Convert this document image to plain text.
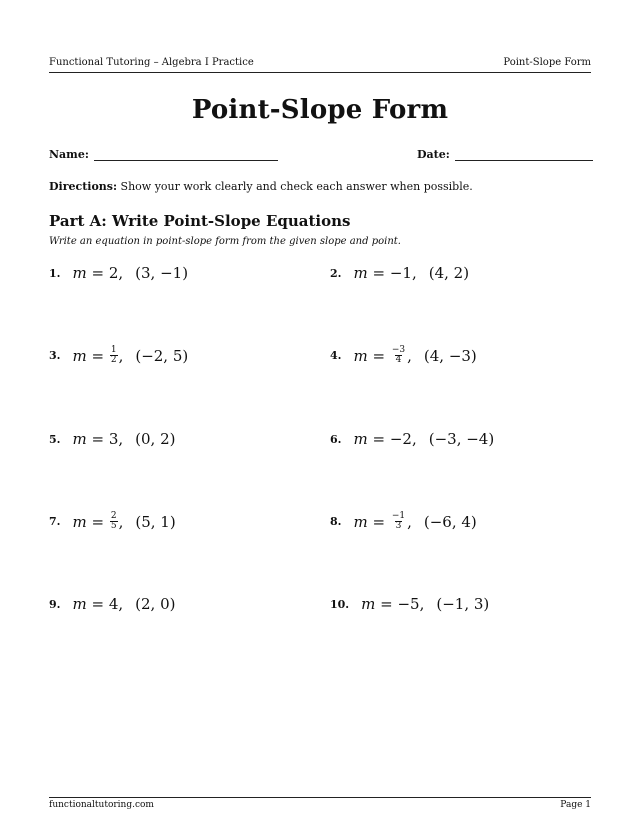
Functional Tutoring – Algebra I Practice	Point-Slope Form
Point-Slope Form
Name:	Date:
Directions: Show your work clearly and check each answer when possible.
Part A: Write Point-Slope Equations
Write an equation in point-slope form from the given slope and point.
1. m = 2 , (3, −1)	2. m = −1 , (4, 2)
3. $m = \frac{1}{2}$ , (−2, 5)	4. $m = \frac{-3}{4}$ , (4, −3)
5. m = 3 , (0, 2)	6. m = −2 , (−3, −4)
7. $m = \frac{2}{5}$ , (5, 1)	8. $m = \frac{-1}{3}$ , (−6, 4)
9. m = 4 , (2, 0)	10. m = −5 , (−1, 3)
functionaltutoring.com	Page 1
